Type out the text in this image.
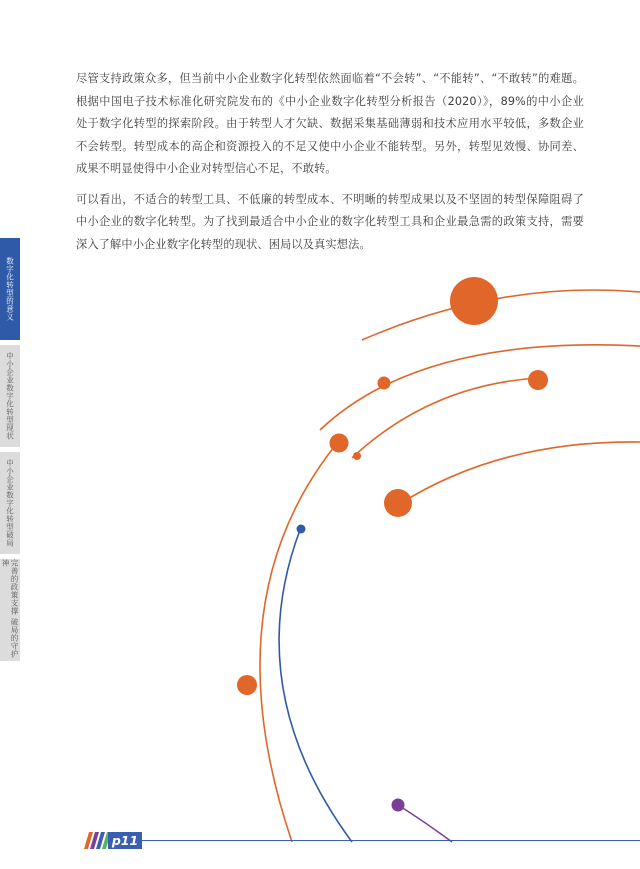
尽管支持政策众多，但当前中小企业数字化转型依然面临着“不会转”、“不能转”、“不敢转”的难题。根据中国电子技术标准化研究院发布的《中小企业数字化转型分析报告（2020）》，89%的中小企业处于数字化转型的探索阶段。由于转型人才欠缺、数据采集基础薄弱和技术应用水平较低，多数企业不会转型。转型成本的高企和资源投入的不足又使中小企业不能转型。另外，转型见效慢、协同差、成果不明显使得中小企业对转型信心不足，不敢转。

可以看出，不适合的转型工具、不低廉的转型成本、不明晰的转型成果以及不坚固的转型保障阻碍了中小企业的数字化转型。为了找到最适合中小企业的数字化转型工具和企业最急需的政策支持，需要深入了解中小企业数字化转型的现状、困局以及真实想法。

数字化转型的意义
中小企业数字化转型现状
中小企业数字化转型破局
完善的政策支撑 破局的守护神
p11
